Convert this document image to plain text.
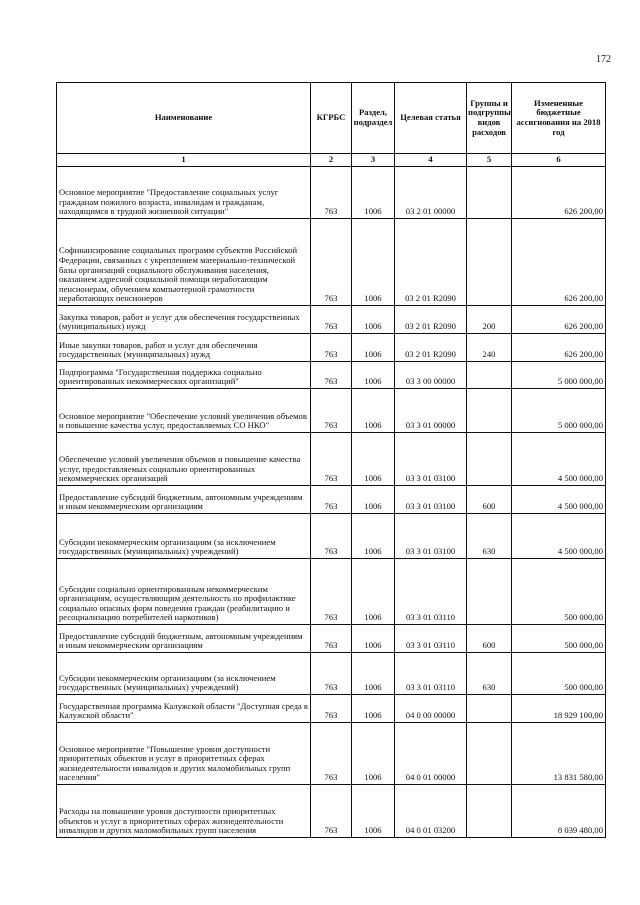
172
Наименование	КГРБС	Раздел, подраздел	Целевая статья	Группы и подгруппы видов расходов	Измененные бюджетные ассигнования на 2018 год
1	2	3	4	5	6
Основное мероприятие "Предоставление социальных услуг гражданам пожилого возраста, инвалидам и гражданам, находящимся в трудной жизненной ситуации"	763	1006	03 2 01 00000		626 200,00
Софинансирование социальных программ субъектов Российской Федерации, связанных с укреплением материально-технической базы организаций социального обслуживания населения, оказанием адресной социальной помощи неработающим пенсионерам, обучением компьютерной грамотности неработающих пенсионеров	763	1006	03 2 01 R2090		626 200,00
Закупка товаров, работ и услуг для обеспечения государственных (муниципальных) нужд	763	1006	03 2 01 R2090	200	626 200,00
Иные закупки товаров, работ и услуг для обеспечения государственных (муниципальных) нужд	763	1006	03 2 01 R2090	240	626 200,00
Подпрограмма "Государственная поддержка социально ориентированных некоммерческих организаций"	763	1006	03 3 00 00000		5 000 000,00
Основное мероприятие "Обеспечение условий увеличения объемов и повышение качества услуг, предоставляемых СО НКО"	763	1006	03 3 01 00000		5 000 000,00
Обеспечение условий увеличения объемов и повышение качества услуг, предоставляемых социально ориентированных некоммерческих организаций	763	1006	03 3 01 03100		4 500 000,00
Предоставление субсидий бюджетным, автономным учреждениям и иным некоммерческим организациям	763	1006	03 3 01 03100	600	4 500 000,00
Субсидии некоммерческим организациям (за исключением государственных (муниципальных) учреждений)	763	1006	03 3 01 03100	630	4 500 000,00
Субсидии социально ориентированным некоммерческим организациям, осуществляющим деятельность по профилактике социально опасных форм поведения граждан (реабилитацию и ресоциализацию потребителей наркотиков)	763	1006	03 3 01 03110		500 000,00
Предоставление субсидий бюджетным, автономным учреждениям и иным некоммерческим организациям	763	1006	03 3 01 03110	600	500 000,00
Субсидии некоммерческим организациям (за исключением государственных (муниципальных) учреждений)	763	1006	03 3 01 03110	630	500 000,00
Государственная программа Калужской области "Доступная среда в Калужской области"	763	1006	04 0 00 00000		18 929 100,00
Основное мероприятие "Повышение уровня доступности приоритетных объектов и услуг в приоритетных сферах жизнедеятельности инвалидов и других маломобильных групп населения"	763	1006	04 0 01 00000		13 831 580,00
Расходы на повышение уровня доступности приоритетных объектов и услуг в приоритетных сферах жизнедеятельности инвалидов и других маломобильных групп населения	763	1006	04 0 01 03200		8 039 480,00
